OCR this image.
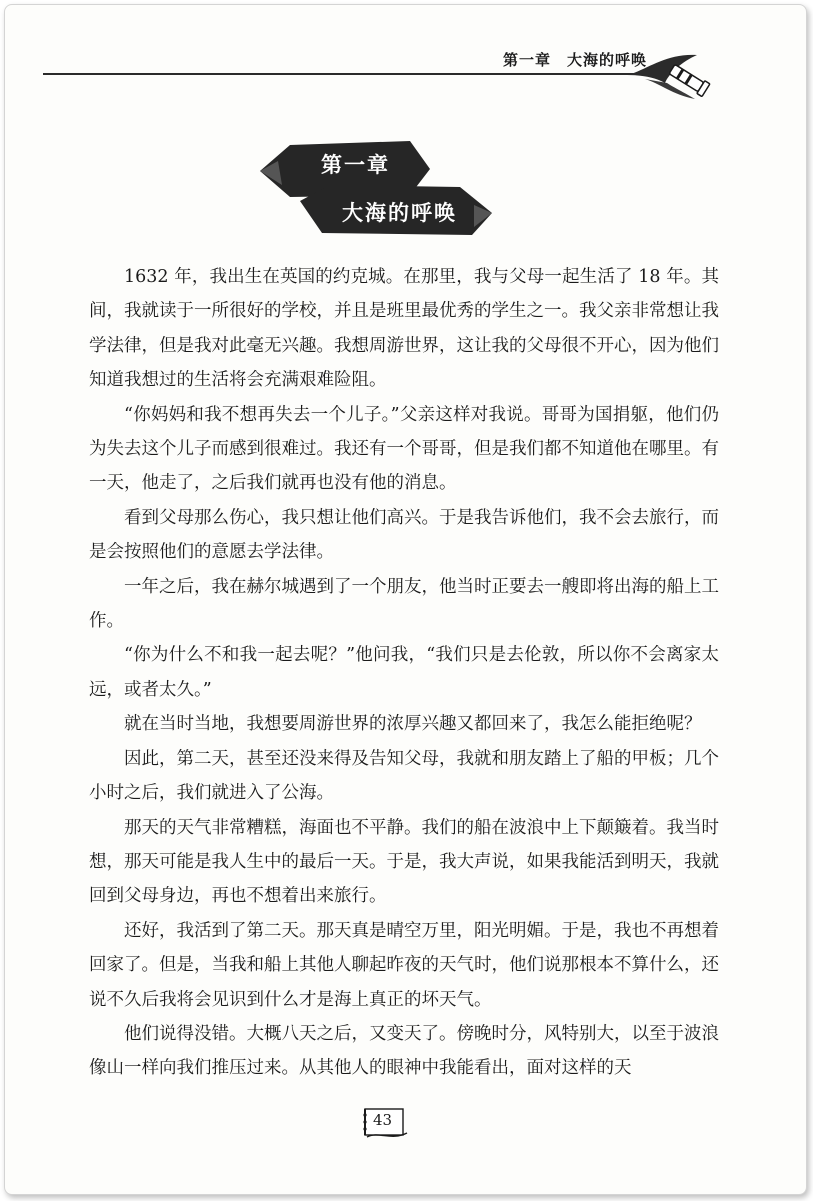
第一章　大海的呼唤
第一章
大海的呼唤

1632 年，我出生在英国的约克城。在那里，我与父母一起生活了 18 年。其间，我就读于一所很好的学校，并且是班里最优秀的学生之一。我父亲非常想让我学法律，但是我对此毫无兴趣。我想周游世界，这让我的父母很不开心，因为他们知道我想过的生活将会充满艰难险阻。

“你妈妈和我不想再失去一个儿子。”父亲这样对我说。哥哥为国捐躯，他们仍为失去这个儿子而感到很难过。我还有一个哥哥，但是我们都不知道他在哪里。有一天，他走了，之后我们就再也没有他的消息。

看到父母那么伤心，我只想让他们高兴。于是我告诉他们，我不会去旅行，而是会按照他们的意愿去学法律。

一年之后，我在赫尔城遇到了一个朋友，他当时正要去一艘即将出海的船上工作。

“你为什么不和我一起去呢？”他问我，“我们只是去伦敦，所以你不会离家太远，或者太久。”

就在当时当地，我想要周游世界的浓厚兴趣又都回来了，我怎么能拒绝呢？

因此，第二天，甚至还没来得及告知父母，我就和朋友踏上了船的甲板；几个小时之后，我们就进入了公海。

那天的天气非常糟糕，海面也不平静。我们的船在波浪中上下颠簸着。我当时想，那天可能是我人生中的最后一天。于是，我大声说，如果我能活到明天，我就回到父母身边，再也不想着出来旅行。

还好，我活到了第二天。那天真是晴空万里，阳光明媚。于是，我也不再想着回家了。但是，当我和船上其他人聊起昨夜的天气时，他们说那根本不算什么，还说不久后我将会见识到什么才是海上真正的坏天气。

他们说得没错。大概八天之后，又变天了。傍晚时分，风特别大，以至于波浪像山一样向我们推压过来。从其他人的眼神中我能看出，面对这样的天

43
